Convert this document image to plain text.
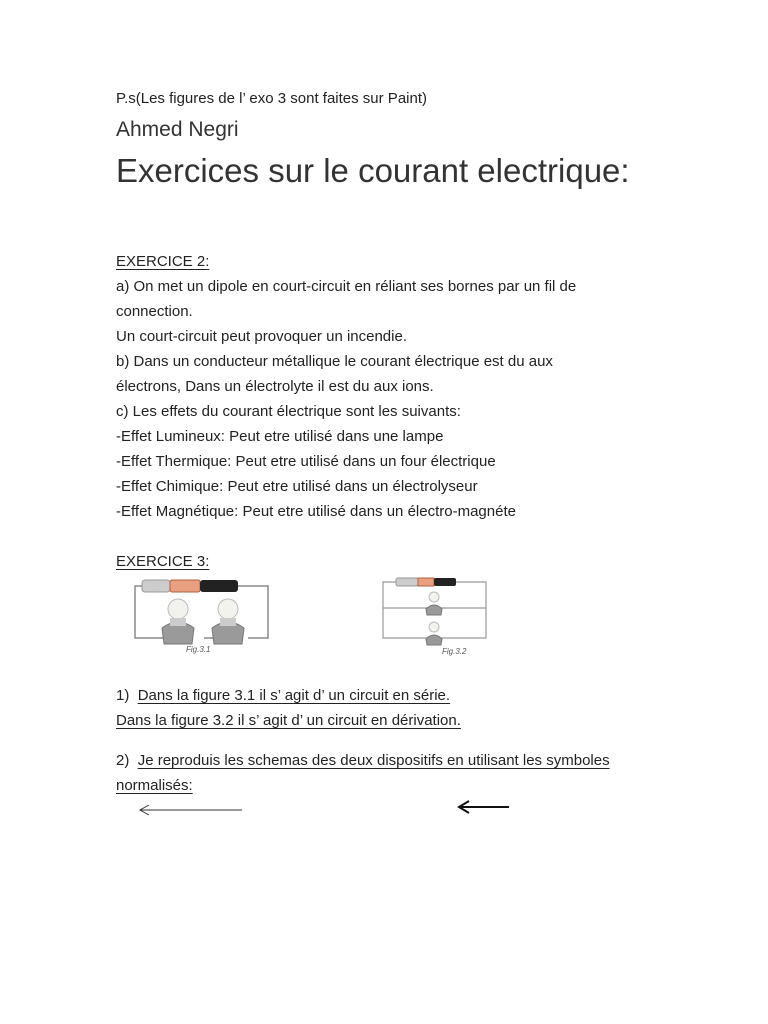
P.s(Les figures de l’ exo 3 sont faites sur Paint)
Ahmed Negri
Exercices sur le courant electrique:
EXERCICE 2:
a) On met un dipole en court-circuit en réliant ses bornes par un fil de
connection.
Un court-circuit peut provoquer un incendie.
b) Dans un conducteur métallique le courant électrique est du aux
électrons, Dans un électrolyte il est du aux ions.
c) Les effets du courant électrique sont les suivants:
-Effet Lumineux: Peut etre utilisé dans une lampe
-Effet Thermique: Peut etre utilisé dans un four électrique
-Effet Chimique: Peut etre utilisé dans un électrolyseur
-Effet Magnétique: Peut etre utilisé dans un électro-magnéte
EXERCICE 3:
Fig.3.1	Fig.3.2
1) Dans la figure 3.1 il s’ agit d’ un circuit en série.
Dans la figure 3.2 il s’ agit d’ un circuit en dérivation.
2) Je reproduis les schemas des deux dispositifs en utilisant les symboles
normalisés:
